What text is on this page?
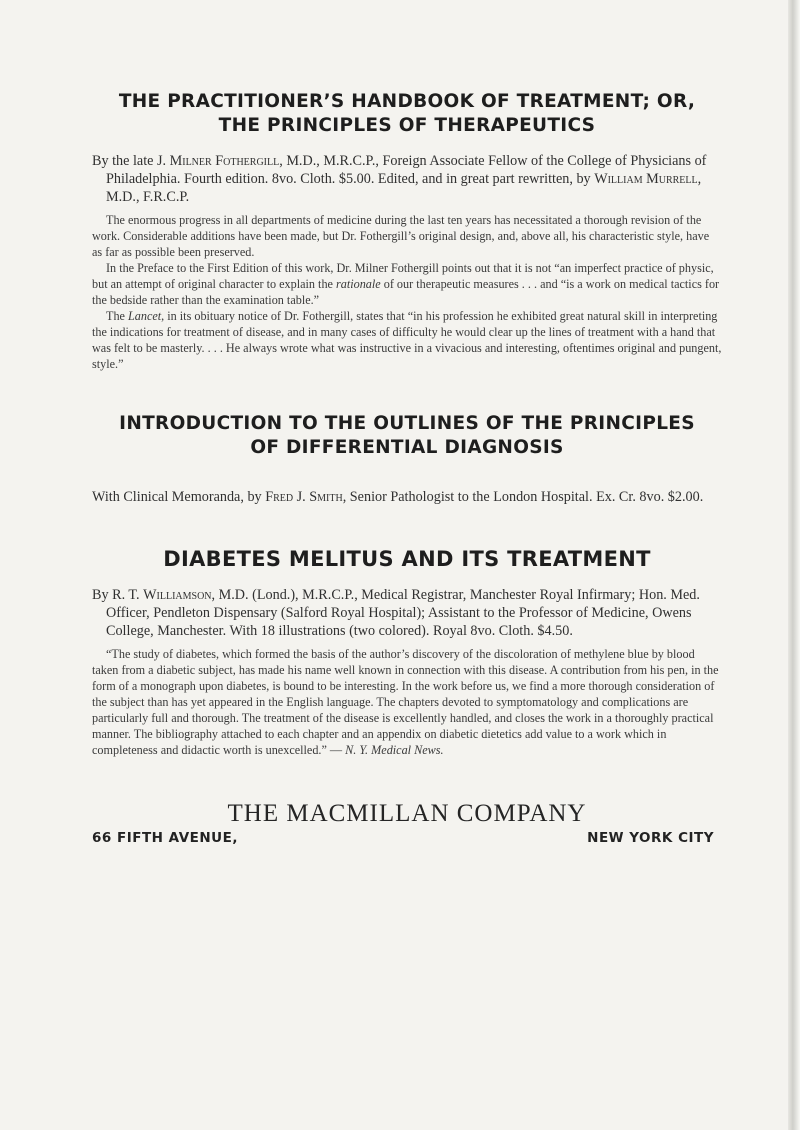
THE PRACTITIONER’S HANDBOOK OF TREATMENT; OR,
THE PRINCIPLES OF THERAPEUTICS

By the late J. Milner Fothergill, M.D., M.R.C.P., Foreign Associate Fellow of the College of Physicians of Philadelphia. Fourth edition. 8vo. Cloth. $5.00. Edited, and in great part rewritten, by William Murrell, M.D., F.R.C.P.

The enormous progress in all departments of medicine during the last ten years has necessitated a thorough revision of the work. Considerable additions have been made, but Dr. Fothergill’s original design, and, above all, his characteristic style, have as far as possible been preserved.

In the Preface to the First Edition of this work, Dr. Milner Fothergill points out that it is not “an imperfect practice of physic, but an attempt of original character to explain the rationale of our therapeutic measures . . . and “is a work on medical tactics for the bedside rather than the examination table.”

The Lancet, in its obituary notice of Dr. Fothergill, states that “in his profession he exhibited great natural skill in interpreting the indications for treatment of disease, and in many cases of difficulty he would clear up the lines of treatment with a hand that was felt to be masterly. . . . He always wrote what was instructive in a vivacious and interesting, oftentimes original and pungent, style.”

INTRODUCTION TO THE OUTLINES OF THE PRINCIPLES
OF DIFFERENTIAL DIAGNOSIS

With Clinical Memoranda, by Fred J. Smith, Senior Pathologist to the London Hospital. Ex. Cr. 8vo. $2.00.

DIABETES MELITUS AND ITS TREATMENT

By R. T. Williamson, M.D. (Lond.), M.R.C.P., Medical Registrar, Manchester Royal Infirmary; Hon. Med. Officer, Pendleton Dispensary (Salford Royal Hospital); Assistant to the Professor of Medicine, Owens College, Manchester. With 18 illustrations (two colored). Royal 8vo. Cloth. $4.50.

“The study of diabetes, which formed the basis of the author’s discovery of the discoloration of methylene blue by blood taken from a diabetic subject, has made his name well known in connection with this disease. A contribution from his pen, in the form of a monograph upon diabetes, is bound to be interesting. In the work before us, we find a more thorough consideration of the subject than has yet appeared in the English language. The chapters devoted to symptomatology and complications are particularly full and thorough. The treatment of the disease is excellently handled, and closes the work in a thoroughly practical manner. The bibliography attached to each chapter and an appendix on diabetic dietetics add value to a work which in completeness and didactic worth is unexcelled.” — N. Y. Medical News.

THE MACMILLAN COMPANY

66 FIFTH AVENUE,	NEW YORK CITY
